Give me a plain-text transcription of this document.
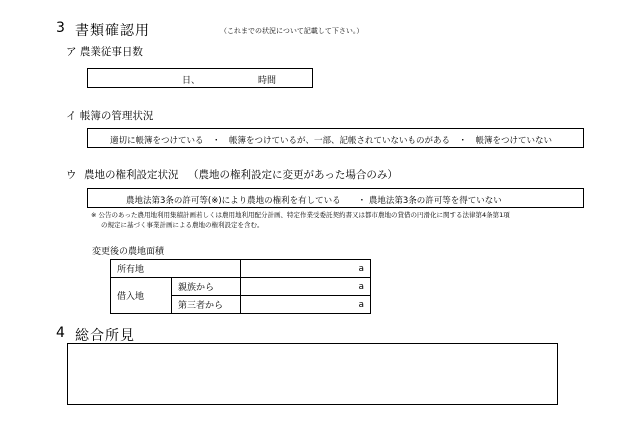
3 書類確認用	（これまでの状況について記載して下さい。）
ア 農業従事日数
日、	時間
イ 帳簿の管理状況
適切に帳簿をつけている　・　帳簿をつけているが、一部、記帳されていないものがある　・　帳簿をつけていない
ウ 農地の権利設定状況 （農地の権利設定に変更があった場合のみ）
農地法第3条の許可等(※)により農地の権利を有している　　・ 農地法第3条の許可等を得ていない
※ 公告のあった農用地利用集積計画若しくは農用地利用配分計画、特定作業受委託契約書又は都市農地の貸借の円滑化に関する法律第4条第1項
の規定に基づく事業計画による農地の権利設定を含む。
変更後の農地面積
所有地		a
借入地	親族から	a
	第三者から	a
4 総合所見
